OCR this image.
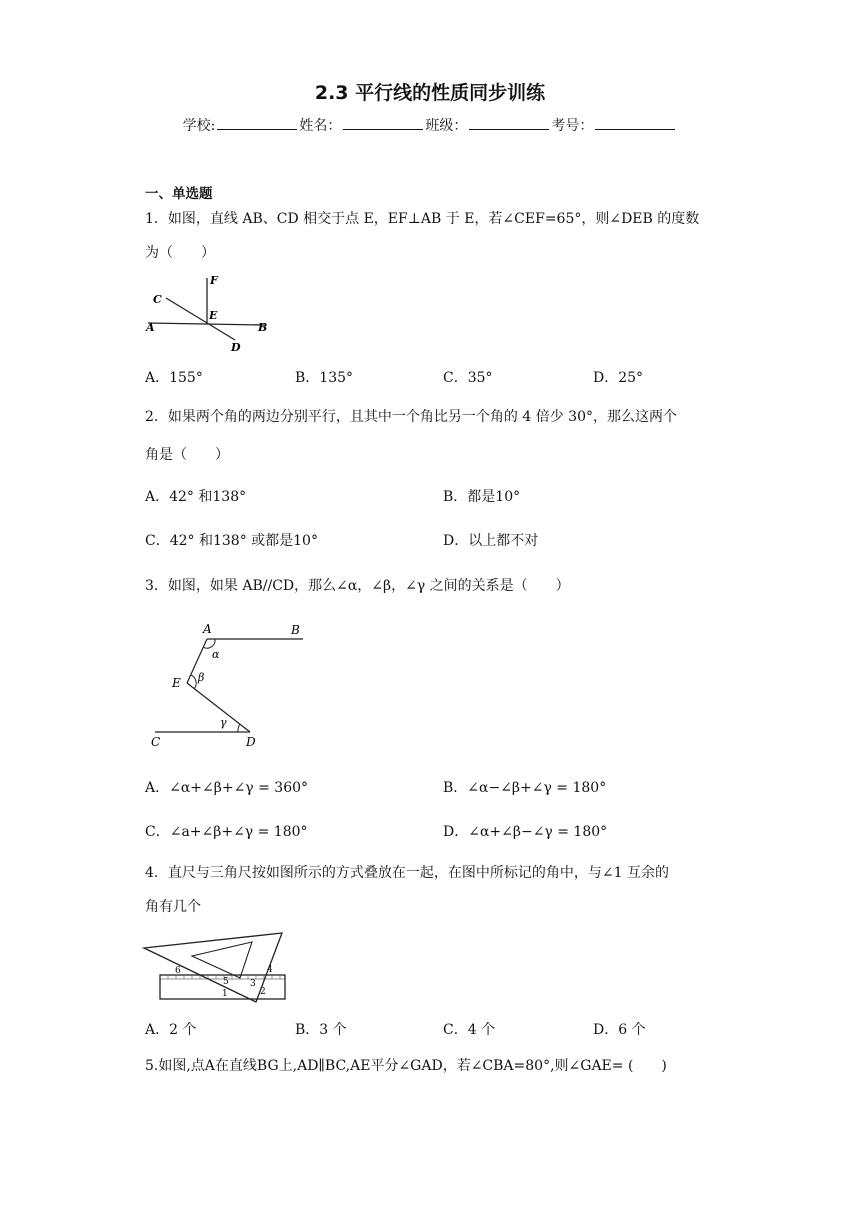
2.3 平行线的性质同步训练
学校:	姓名：	班级：	考号：
一、单选题
1．如图，直线 AB、CD 相交于点 E，EF⊥AB 于 E，若∠CEF=65°，则∠DEB 的度数
为（　　）
F
C
E
A	B
D
A．155°	B．135°	C．35°	D．25°
2．如果两个角的两边分别平行，且其中一个角比另一个角的 4 倍少 30°，那么这两个
角是（　　）
A．42° 和138°	B．都是10°
C．42° 和138° 或都是10°	D．以上都不对
3．如图，如果 AB//CD，那么∠α，∠β，∠γ 之间的关系是（　　）
A	B
α
E β
γ
C	D
A．∠α+∠β+∠γ = 360°	B．∠α−∠β+∠γ = 180°
C．∠a+∠β+∠γ = 180°	D．∠α+∠β−∠γ = 180°
4．直尺与三角尺按如图所示的方式叠放在一起，在图中所标记的角中，与∠1 互余的
角有几个
6
5 3
4
1	2
A．2 个	B．3 个	C．4 个	D．6 个
5.如图,点A在直线BG上,AD∥BC,AE平分∠GAD，若∠CBA=80°,则∠GAE= (　　)
